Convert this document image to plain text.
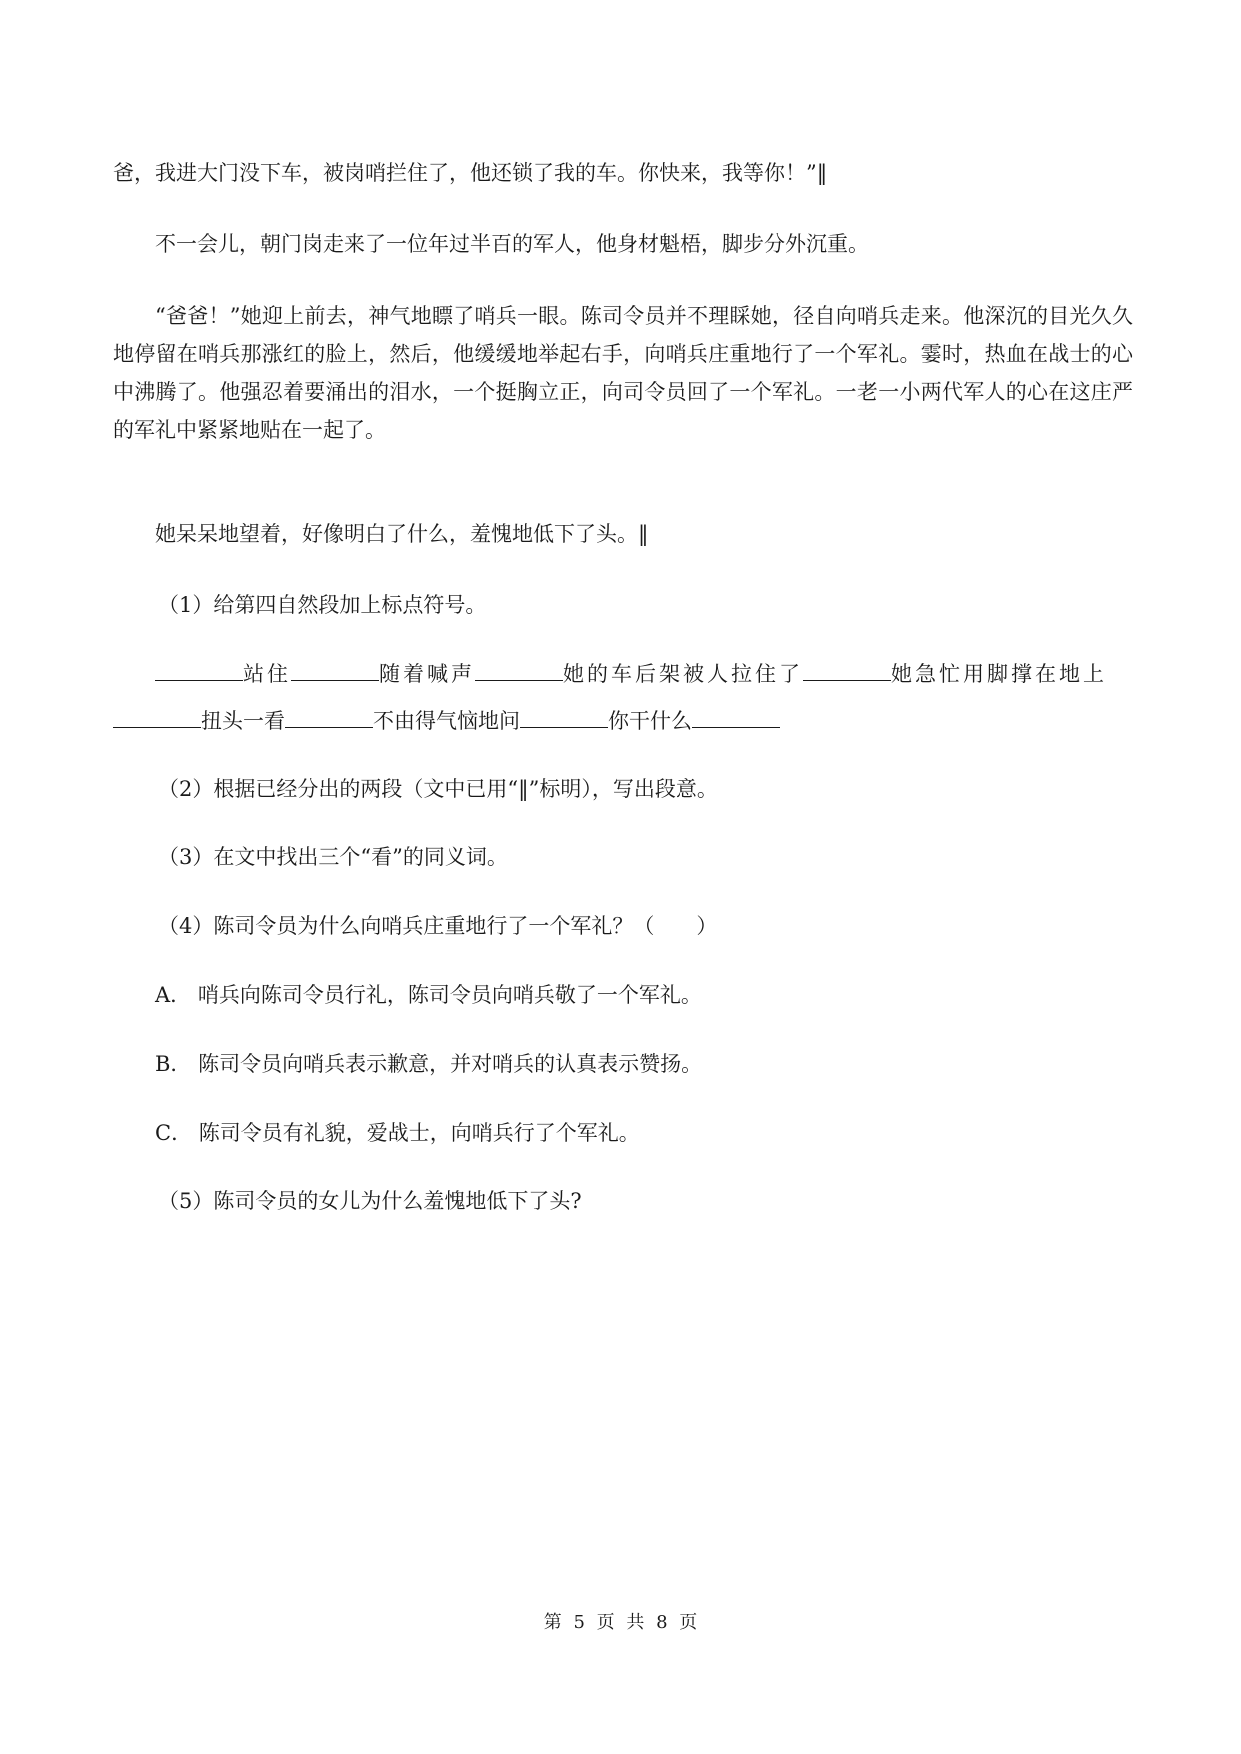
爸，我进大门没下车，被岗哨拦住了，他还锁了我的车。你快来，我等你！”‖
不一会儿，朝门岗走来了一位年过半百的军人，他身材魁梧，脚步分外沉重。
“爸爸！”她迎上前去，神气地瞟了哨兵一眼。陈司令员并不理睬她，径自向哨兵走来。他深沉的目光久久地停留在哨兵那涨红的脸上，然后，他缓缓地举起右手，向哨兵庄重地行了一个军礼。霎时，热血在战士的心中沸腾了。他强忍着要涌出的泪水，一个挺胸立正，向司令员回了一个军礼。一老一小两代军人的心在这庄严的军礼中紧紧地贴在一起了。
她呆呆地望着，好像明白了什么，羞愧地低下了头。‖
（1）给第四自然段加上标点符号。
站住	随着喊声	她的车后架被人拉住了	她急忙用脚撑在地上
扭头一看	不由得气恼地问	你干什么
（2）根据已经分出的两段（文中已用“‖”标明），写出段意。
（3）在文中找出三个“看”的同义词。
（4）陈司令员为什么向哨兵庄重地行了一个军礼？（　　）
A． 哨兵向陈司令员行礼，陈司令员向哨兵敬了一个军礼。
B． 陈司令员向哨兵表示歉意，并对哨兵的认真表示赞扬。
C． 陈司令员有礼貌，爱战士，向哨兵行了个军礼。
（5）陈司令员的女儿为什么羞愧地低下了头?
第 5 页 共 8 页
